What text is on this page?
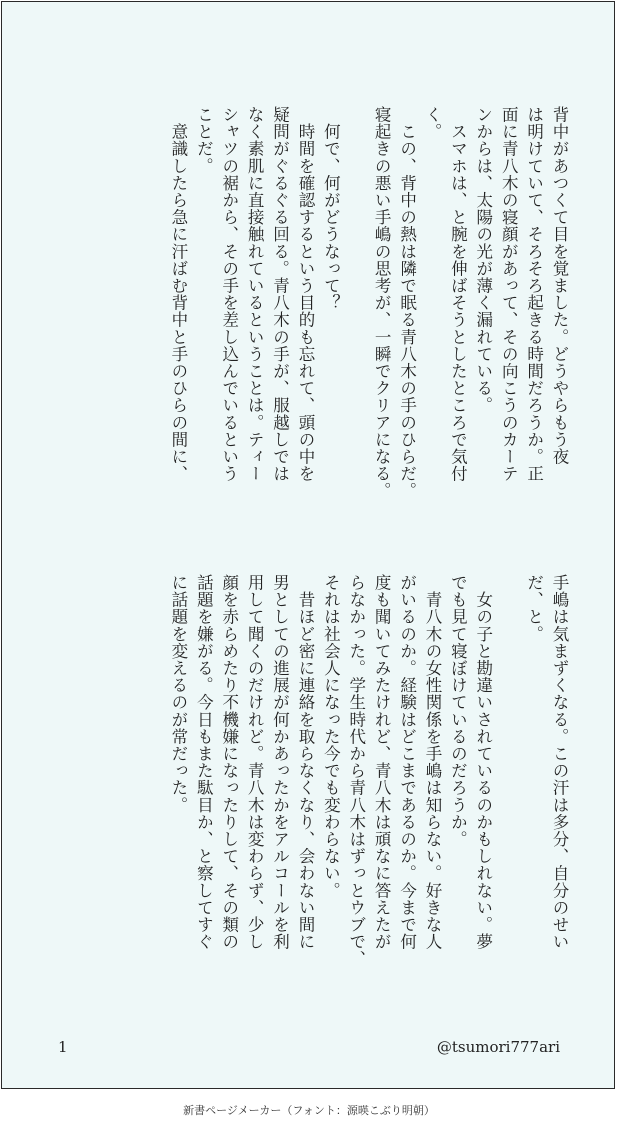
背中があつくて目を覚ました。どうやらもう夜
は明けていて、そろそろ起きる時間だろうか。正
面に青八木の寝顔があって、その向こうのカーテ
ンからは、太陽の光が薄く漏れている。
　スマホは、と腕を伸ばそうとしたところで気付
く。
　この、背中の熱は隣で眠る青八木の手のひらだ。
寝起きの悪い手嶋の思考が、一瞬でクリアになる。

　何で、何がどうなって？
　時間を確認するという目的も忘れて、頭の中を
疑問がぐるぐる回る。青八木の手が、服越しでは
なく素肌に直接触れているということは。ティー
シャツの裾から、その手を差し込んでいるという
ことだ。
　意識したら急に汗ばむ背中と手のひらの間に、
手嶋は気まずくなる。この汗は多分、自分のせい
だ、と。

　女の子と勘違いされているのかもしれない。夢
でも見て寝ぼけているのだろうか。
　青八木の女性関係を手嶋は知らない。好きな人
がいるのか。経験はどこまであるのか。今まで何
度も聞いてみたけれど、青八木は頑なに答えたが
らなかった。学生時代から青八木はずっとウブで、
それは社会人になった今でも変わらない。
　昔ほど密に連絡を取らなくなり、会わない間に
男としての進展が何かあったかをアルコールを利
用して聞くのだけれど。青八木は変わらず、少し
顔を赤らめたり不機嫌になったりして、その類の
話題を嫌がる。今日もまた駄目か、と察してすぐ
に話題を変えるのが常だった。
1	@tsumori777ari
新書ページメーカー（フォント：源暎こぶり明朝）
